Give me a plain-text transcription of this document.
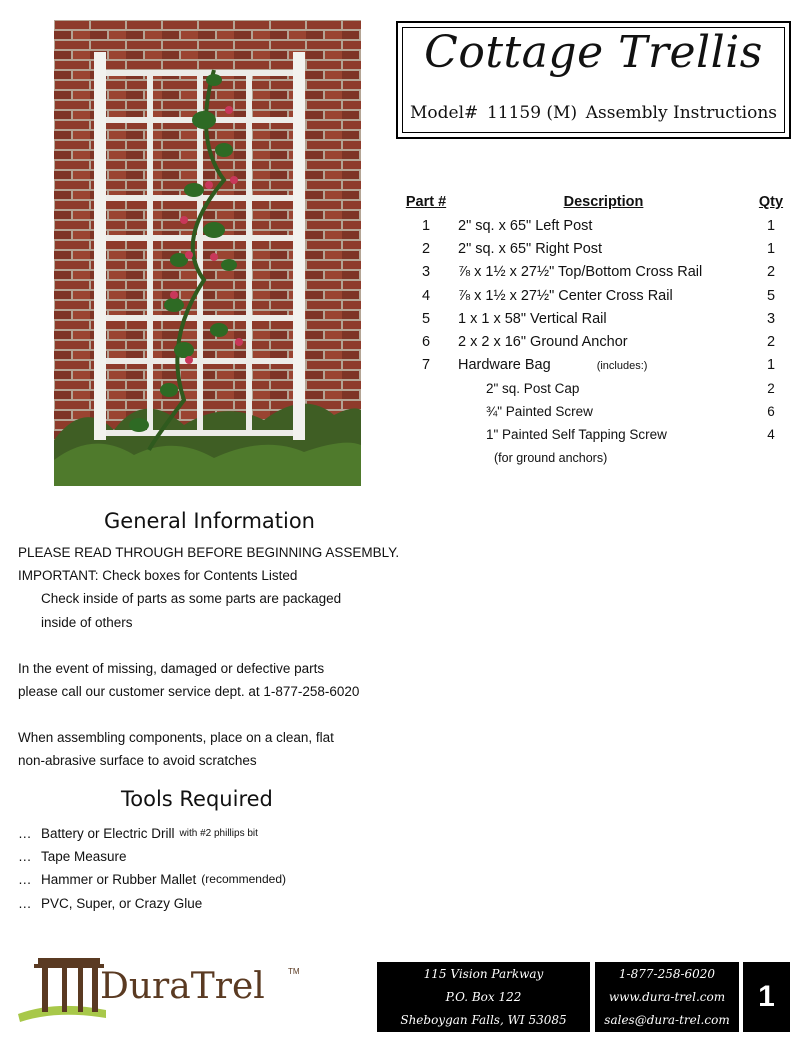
Cottage Trellis
Model# 11159 (M) Assembly Instructions
Part #	Description	Qty
1	2" sq. x 65" Left Post	1
2	2" sq. x 65" Right Post	1
3	⅞ x 1½ x 27½" Top/Bottom Cross Rail	2
4	⅞ x 1½ x 27½" Center Cross Rail	5
5	1 x 1 x 58" Vertical Rail	3
6	2 x 2 x 16" Ground Anchor	2
7	Hardware Bag (includes:)	1
	2" sq. Post Cap	2
	¾" Painted Screw	6
	1" Painted Self Tapping Screw	4
	(for ground anchors)	
General Information
PLEASE READ THROUGH BEFORE BEGINNING ASSEMBLY.
IMPORTANT: Check boxes for Contents Listed
Check inside of parts as some parts are packaged
inside of others
In the event of missing, damaged or defective parts
please call our customer service dept. at 1-877-258-6020
When assembling components, place on a clean, flat
non-abrasive surface to avoid scratches
Tools Required
… Battery or Electric Drill with #2 phillips bit
… Tape Measure
… Hammer or Rubber Mallet (recommended)
… PVC, Super, or Crazy Glue
DuraTrel	TM	115 Vision Parkway
P.O. Box 122
Sheboygan Falls, WI 53085
1-877-258-6020
www.dura-trel.com
sales@dura-trel.com
1
